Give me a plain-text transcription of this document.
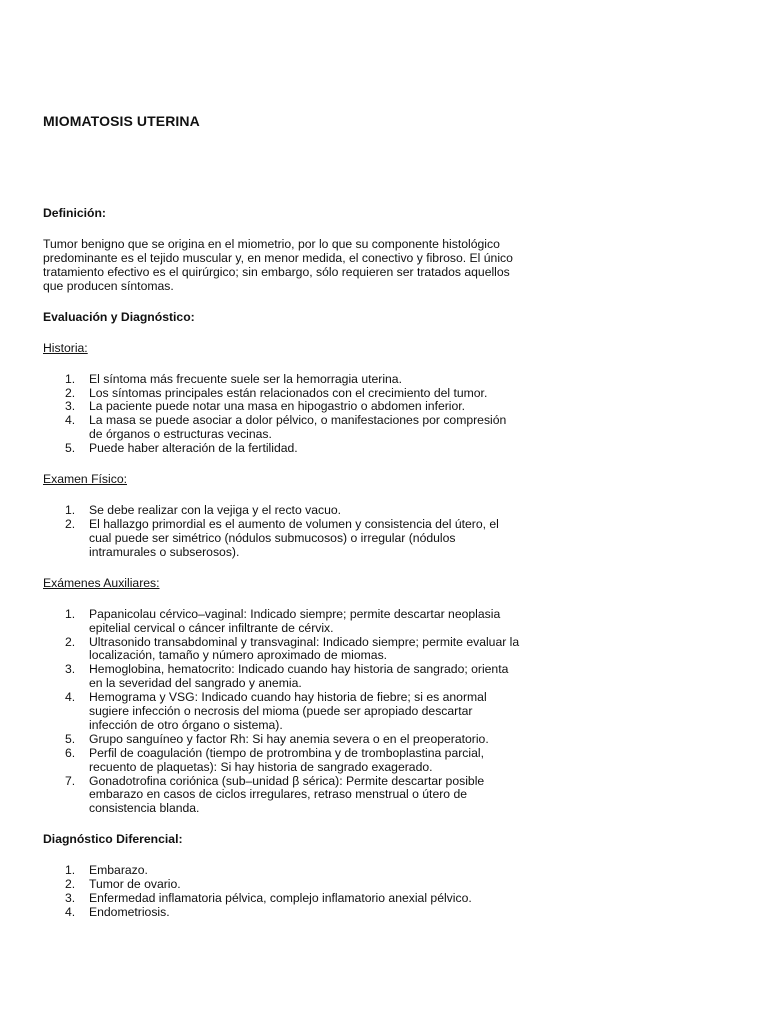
MIOMATOSIS UTERINA

Definición:

Tumor benigno que se origina en el miometrio, por lo que su componente histológico predominante es el tejido muscular y, en menor medida, el conectivo y fibroso. El único tratamiento efectivo es el quirúrgico; sin embargo, sólo requieren ser tratados aquellos que producen síntomas.

Evaluación y Diagnóstico:

Historia:

1. El síntoma más frecuente suele ser la hemorragia uterina.
2. Los síntomas principales están relacionados con el crecimiento del tumor.
3. La paciente puede notar una masa en hipogastrio o abdomen inferior.
4. La masa se puede asociar a dolor pélvico, o manifestaciones por compresión de órganos o estructuras vecinas.
5. Puede haber alteración de la fertilidad.

Examen Físico:

1. Se debe realizar con la vejiga y el recto vacuo.
2. El hallazgo primordial es el aumento de volumen y consistencia del útero, el cual puede ser simétrico (nódulos submucosos) o irregular (nódulos intramurales o subserosos).

Exámenes Auxiliares:

1. Papanicolau cérvico–vaginal: Indicado siempre; permite descartar neoplasia epitelial cervical o cáncer infiltrante de cérvix.
2. Ultrasonido transabdominal y transvaginal: Indicado siempre; permite evaluar la localización, tamaño y número aproximado de miomas.
3. Hemoglobina, hematocrito: Indicado cuando hay historia de sangrado; orienta en la severidad del sangrado y anemia.
4. Hemograma y VSG: Indicado cuando hay historia de fiebre; si es anormal sugiere infección o necrosis del mioma (puede ser apropiado descartar infección de otro órgano o sistema).
5. Grupo sanguíneo y factor Rh: Si hay anemia severa o en el preoperatorio.
6. Perfil de coagulación (tiempo de protrombina y de tromboplastina parcial, recuento de plaquetas): Si hay historia de sangrado exagerado.
7. Gonadotrofina coriónica (sub–unidad β sérica): Permite descartar posible embarazo en casos de ciclos irregulares, retraso menstrual o útero de consistencia blanda.

Diagnóstico Diferencial:

1. Embarazo.
2. Tumor de ovario.
3. Enfermedad inflamatoria pélvica, complejo inflamatorio anexial pélvico.
4. Endometriosis.
